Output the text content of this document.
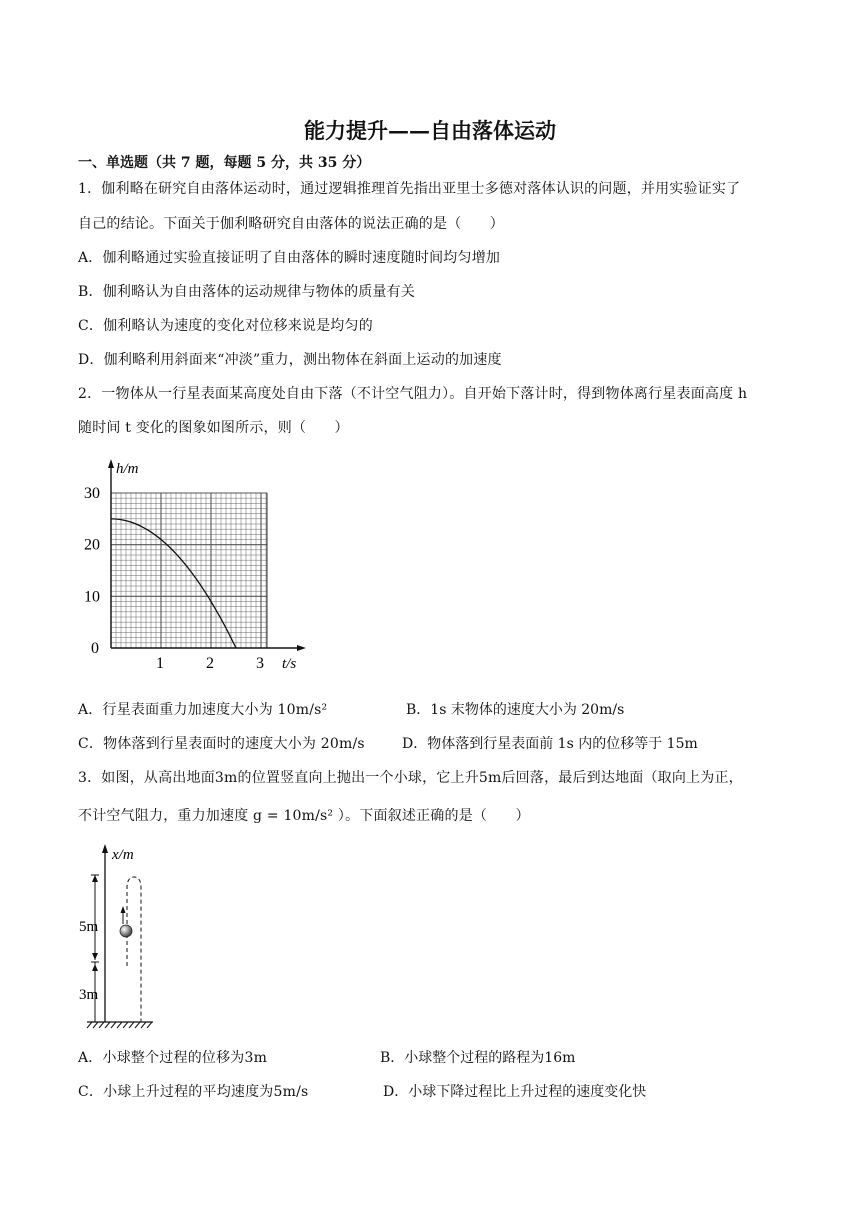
能力提升——自由落体运动
一、单选题（共 7 题，每题 5 分，共 35 分）
1．伽利略在研究自由落体运动时，通过逻辑推理首先指出亚里士多德对落体认识的问题，并用实验证实了
自己的结论。下面关于伽利略研究自由落体的说法正确的是（　　）
A．伽利略通过实验直接证明了自由落体的瞬时速度随时间均匀增加
B．伽利略认为自由落体的运动规律与物体的质量有关
C．伽利略认为速度的变化对位移来说是均匀的
D．伽利略利用斜面来“冲淡”重力，测出物体在斜面上运动的加速度
2．一物体从一行星表面某高度处自由下落（不计空气阻力）。自开始下落计时，得到物体离行星表面高度 h
随时间 t 变化的图象如图所示，则（　　）
1	2	3
0
10
20
30
h/m
t/s
A．行星表面重力加速度大小为 10m/s²	B．1s 末物体的速度大小为 20m/s
C．物体落到行星表面时的速度大小为 20m/s	D．物体落到行星表面前 1s 内的位移等于 15m
3．如图，从高出地面3m的位置竖直向上抛出一个小球，它上升5m后回落，最后到达地面（取向上为正，
不计空气阻力，重力加速度 g = 10m/s² ）。下面叙述正确的是（　　）
x/m
5m
3m
A．小球整个过程的位移为3m	B．小球整个过程的路程为16m
C．小球上升过程的平均速度为5m/s	D．小球下降过程比上升过程的速度变化快
